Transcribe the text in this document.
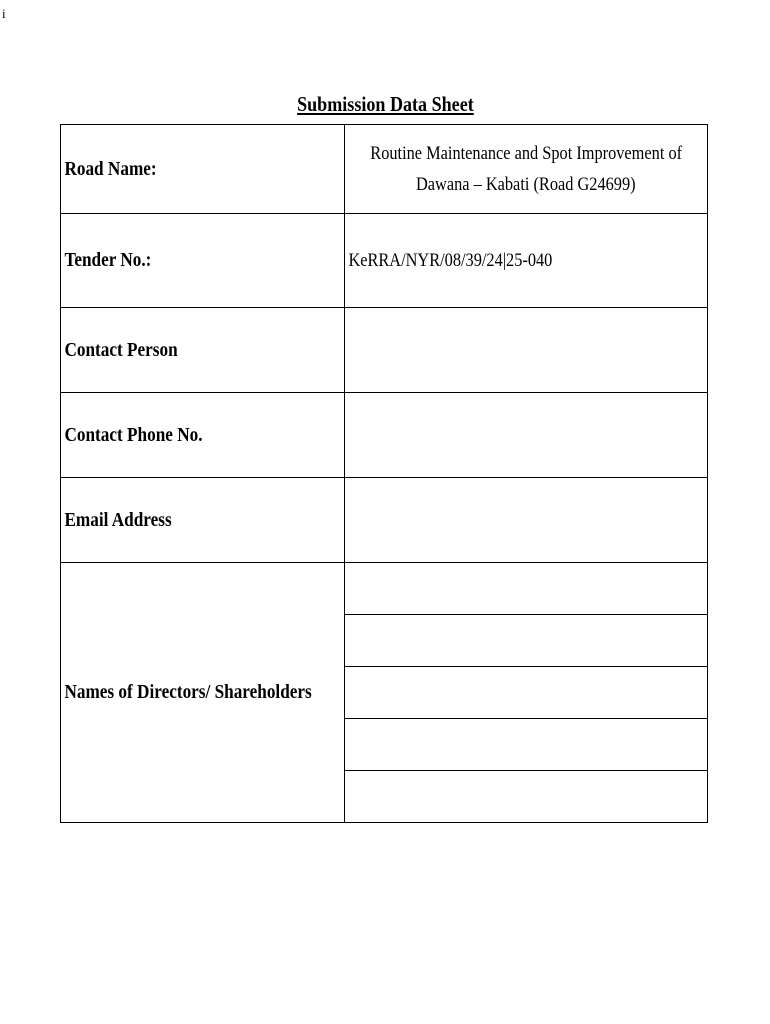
i
Submission Data Sheet
Road Name:	Routine Maintenance and Spot Improvement of
Dawana – Kabati (Road G24699)

Tender No.:	KeRRA/NYR/08/39/24|25-040

Contact Person	

Contact Phone No.	

Email Address	

Names of Directors/ Shareholders	
